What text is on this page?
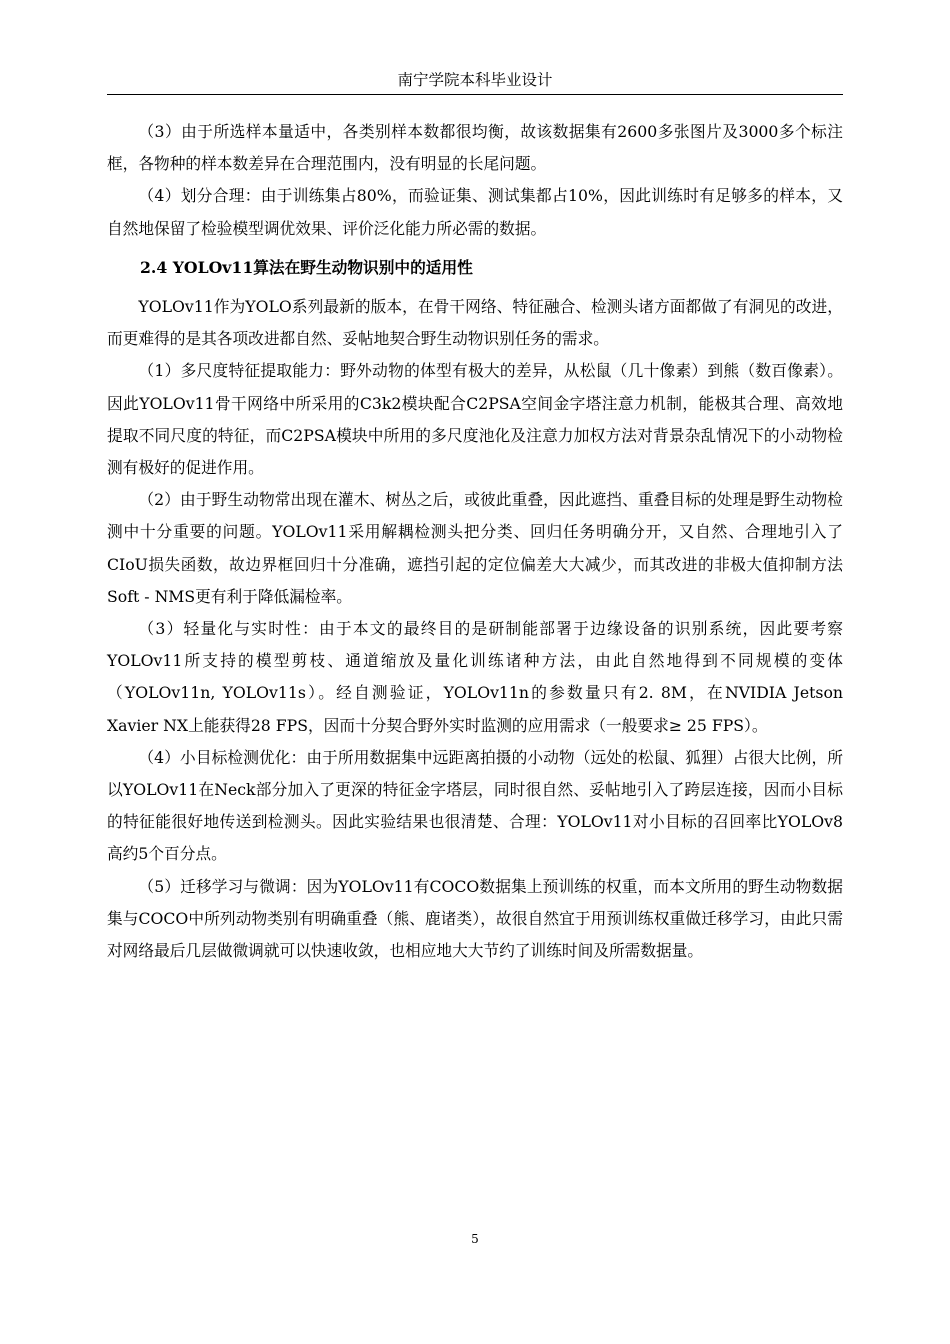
南宁学院本科毕业设计

（3）由于所选样本量适中，各类别样本数都很均衡，故该数据集有2600多张图片及3000多个标注框，各物种的样本数差异在合理范围内，没有明显的长尾问题。

（4）划分合理：由于训练集占80%，而验证集、测试集都占10%，因此训练时有足够多的样本，又自然地保留了检验模型调优效果、评价泛化能力所必需的数据。

2.4 YOLOv11算法在野生动物识别中的适用性

YOLOv11作为YOLO系列最新的版本，在骨干网络、特征融合、检测头诸方面都做了有洞见的改进，而更难得的是其各项改进都自然、妥帖地契合野生动物识别任务的需求。

（1）多尺度特征提取能力：野外动物的体型有极大的差异，从松鼠（几十像素）到熊（数百像素）。因此YOLOv11骨干网络中所采用的C3k2模块配合C2PSA空间金字塔注意力机制，能极其合理、高效地提取不同尺度的特征，而C2PSA模块中所用的多尺度池化及注意力加权方法对背景杂乱情况下的小动物检测有极好的促进作用。

（2）由于野生动物常出现在灌木、树丛之后，或彼此重叠，因此遮挡、重叠目标的处理是野生动物检测中十分重要的问题。YOLOv11采用解耦检测头把分类、回归任务明确分开，又自然、合理地引入了CIoU损失函数，故边界框回归十分准确，遮挡引起的定位偏差大大减少，而其改进的非极大值抑制方法Soft - NMS更有利于降低漏检率。

（3）轻量化与实时性：由于本文的最终目的是研制能部署于边缘设备的识别系统，因此要考察YOLOv11所支持的模型剪枝、通道缩放及量化训练诸种方法，由此自然地得到不同规模的变体（YOLOv11n, YOLOv11s）。经自测验证，YOLOv11n的参数量只有2. 8M，在NVIDIA Jetson Xavier NX上能获得28 FPS，因而十分契合野外实时监测的应用需求（一般要求≥ 25 FPS）。

（4）小目标检测优化：由于所用数据集中远距离拍摄的小动物（远处的松鼠、狐狸）占很大比例，所以YOLOv11在Neck部分加入了更深的特征金字塔层，同时很自然、妥帖地引入了跨层连接，因而小目标的特征能很好地传送到检测头。因此实验结果也很清楚、合理：YOLOv11对小目标的召回率比YOLOv8高约5个百分点。

（5）迁移学习与微调：因为YOLOv11有COCO数据集上预训练的权重，而本文所用的野生动物数据集与COCO中所列动物类别有明确重叠（熊、鹿诸类），故很自然宜于用预训练权重做迁移学习，由此只需对网络最后几层做微调就可以快速收敛，也相应地大大节约了训练时间及所需数据量。

5
